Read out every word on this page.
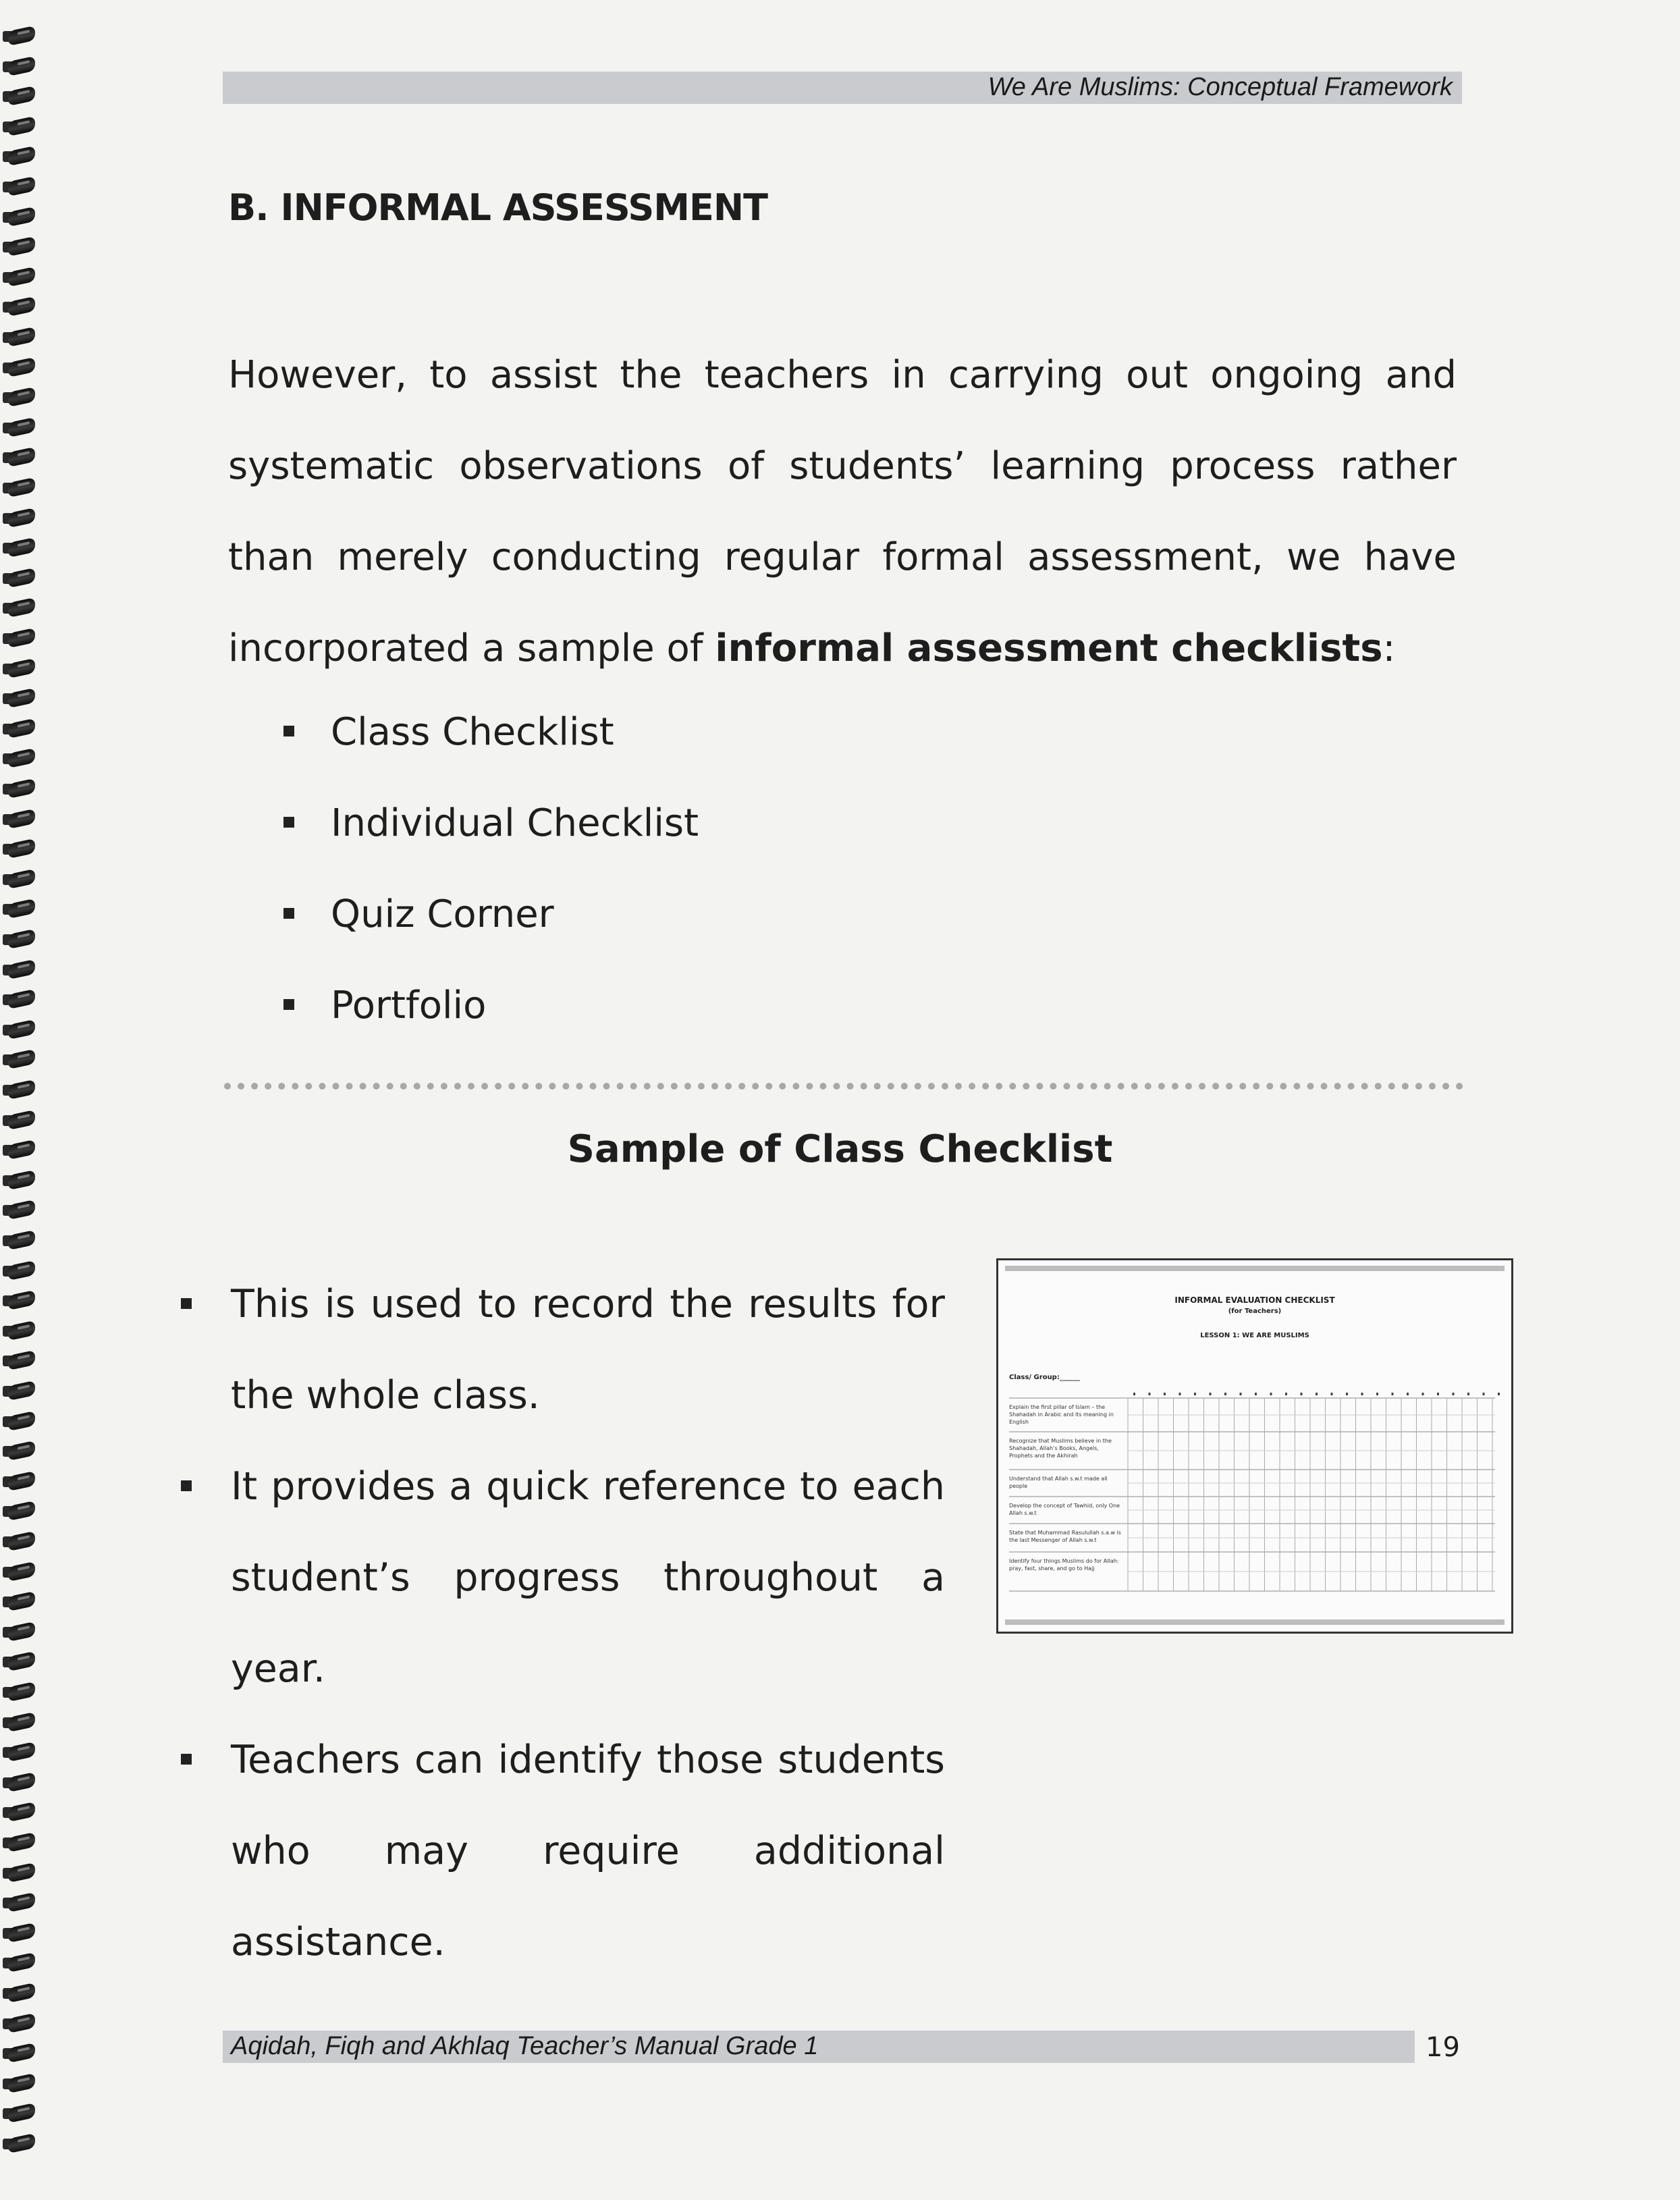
We Are Muslims: Conceptual Framework
B. INFORMAL ASSESSMENT
However, to assist the teachers in carrying out ongoing and systematic observations of students’ learning process rather than merely conducting regular formal assessment, we have incorporated a sample of informal assessment checklists:
Class Checklist
Individual Checklist
Quiz Corner
Portfolio
Sample of Class Checklist
This is used to record the results for the whole class.
It provides a quick reference to each student’s progress throughout a year.
Teachers can identify those students who may require additional assistance.
INFORMAL EVALUATION CHECKLIST
(for Teachers)
LESSON 1: WE ARE MUSLIMS
Class/ Group:______
Explain the first pillar of Islam – the Shahadah in Arabic and its meaning in English
Recognize that Muslims believe in the Shahadah, Allah’s Books, Angels, Prophets and the Akhirah
Understand that Allah s.w.t made all people
Develop the concept of Tawhid, only One Allah s.w.t
State that Muhammad Rasulullah s.a.w is the last Messenger of Allah s.w.t
Identify four things Muslims do for Allah: pray, fast, share, and go to Hajj
Aqidah, Fiqh and Akhlaq Teacher’s Manual Grade 1	19
